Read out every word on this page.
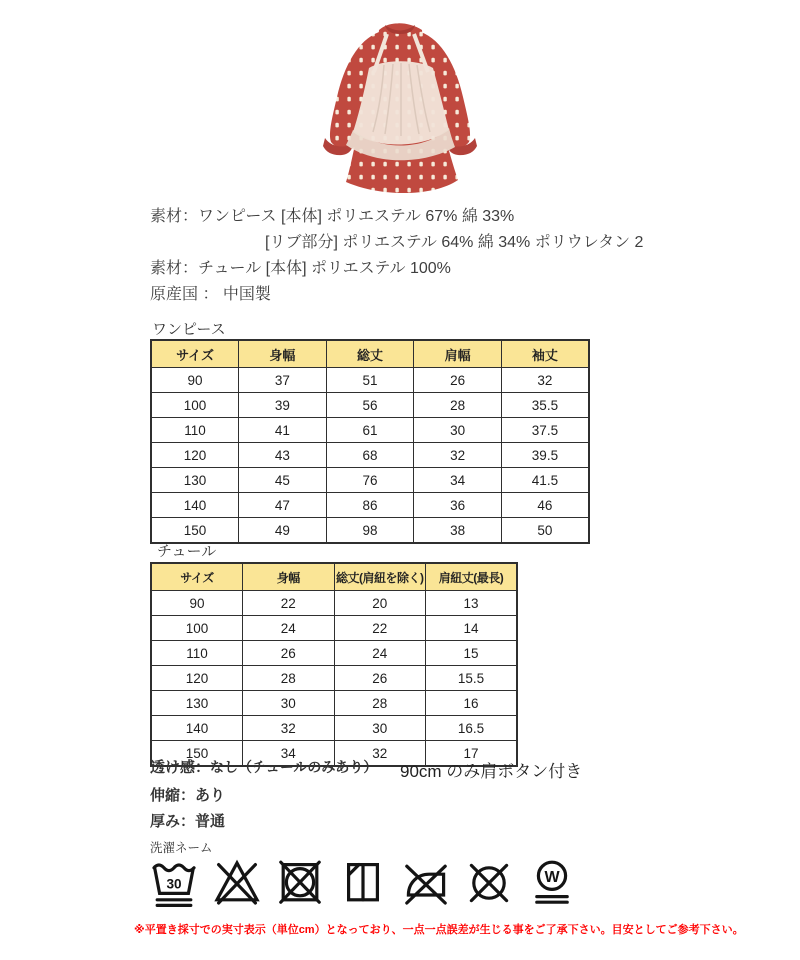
素材：ワンピース [本体] ポリエステル 67% 綿 33%
[リブ部分] ポリエステル 64% 綿 34% ポリウレタン 2
素材：チュール [本体] ポリエステル 100%
原産国 ： 中国製
ワンピース
サイズ	身幅	総丈	肩幅	袖丈
90	37	51	26	32
100	39	56	28	35.5
110	41	61	30	37.5
120	43	68	32	39.5
130	45	76	34	41.5
140	47	86	36	46
150	49	98	38	50
チュール
サイズ	身幅	総丈(肩紐を除く)	肩紐丈(最長)
90	22	20	13
100	24	22	14
110	26	24	15
120	28	26	15.5
130	30	28	16
140	32	30	16.5
150	34	32	17
透け感：なし（チュールのみあり） 90cm のみ肩ボタン付き
伸縮：あり
厚み：普通
洗濯ネーム
30	W
※平置き採寸での実寸表示（単位cm）となっており、一点一点誤差が生じる事をご了承下さい。目安としてご参考下さい。
